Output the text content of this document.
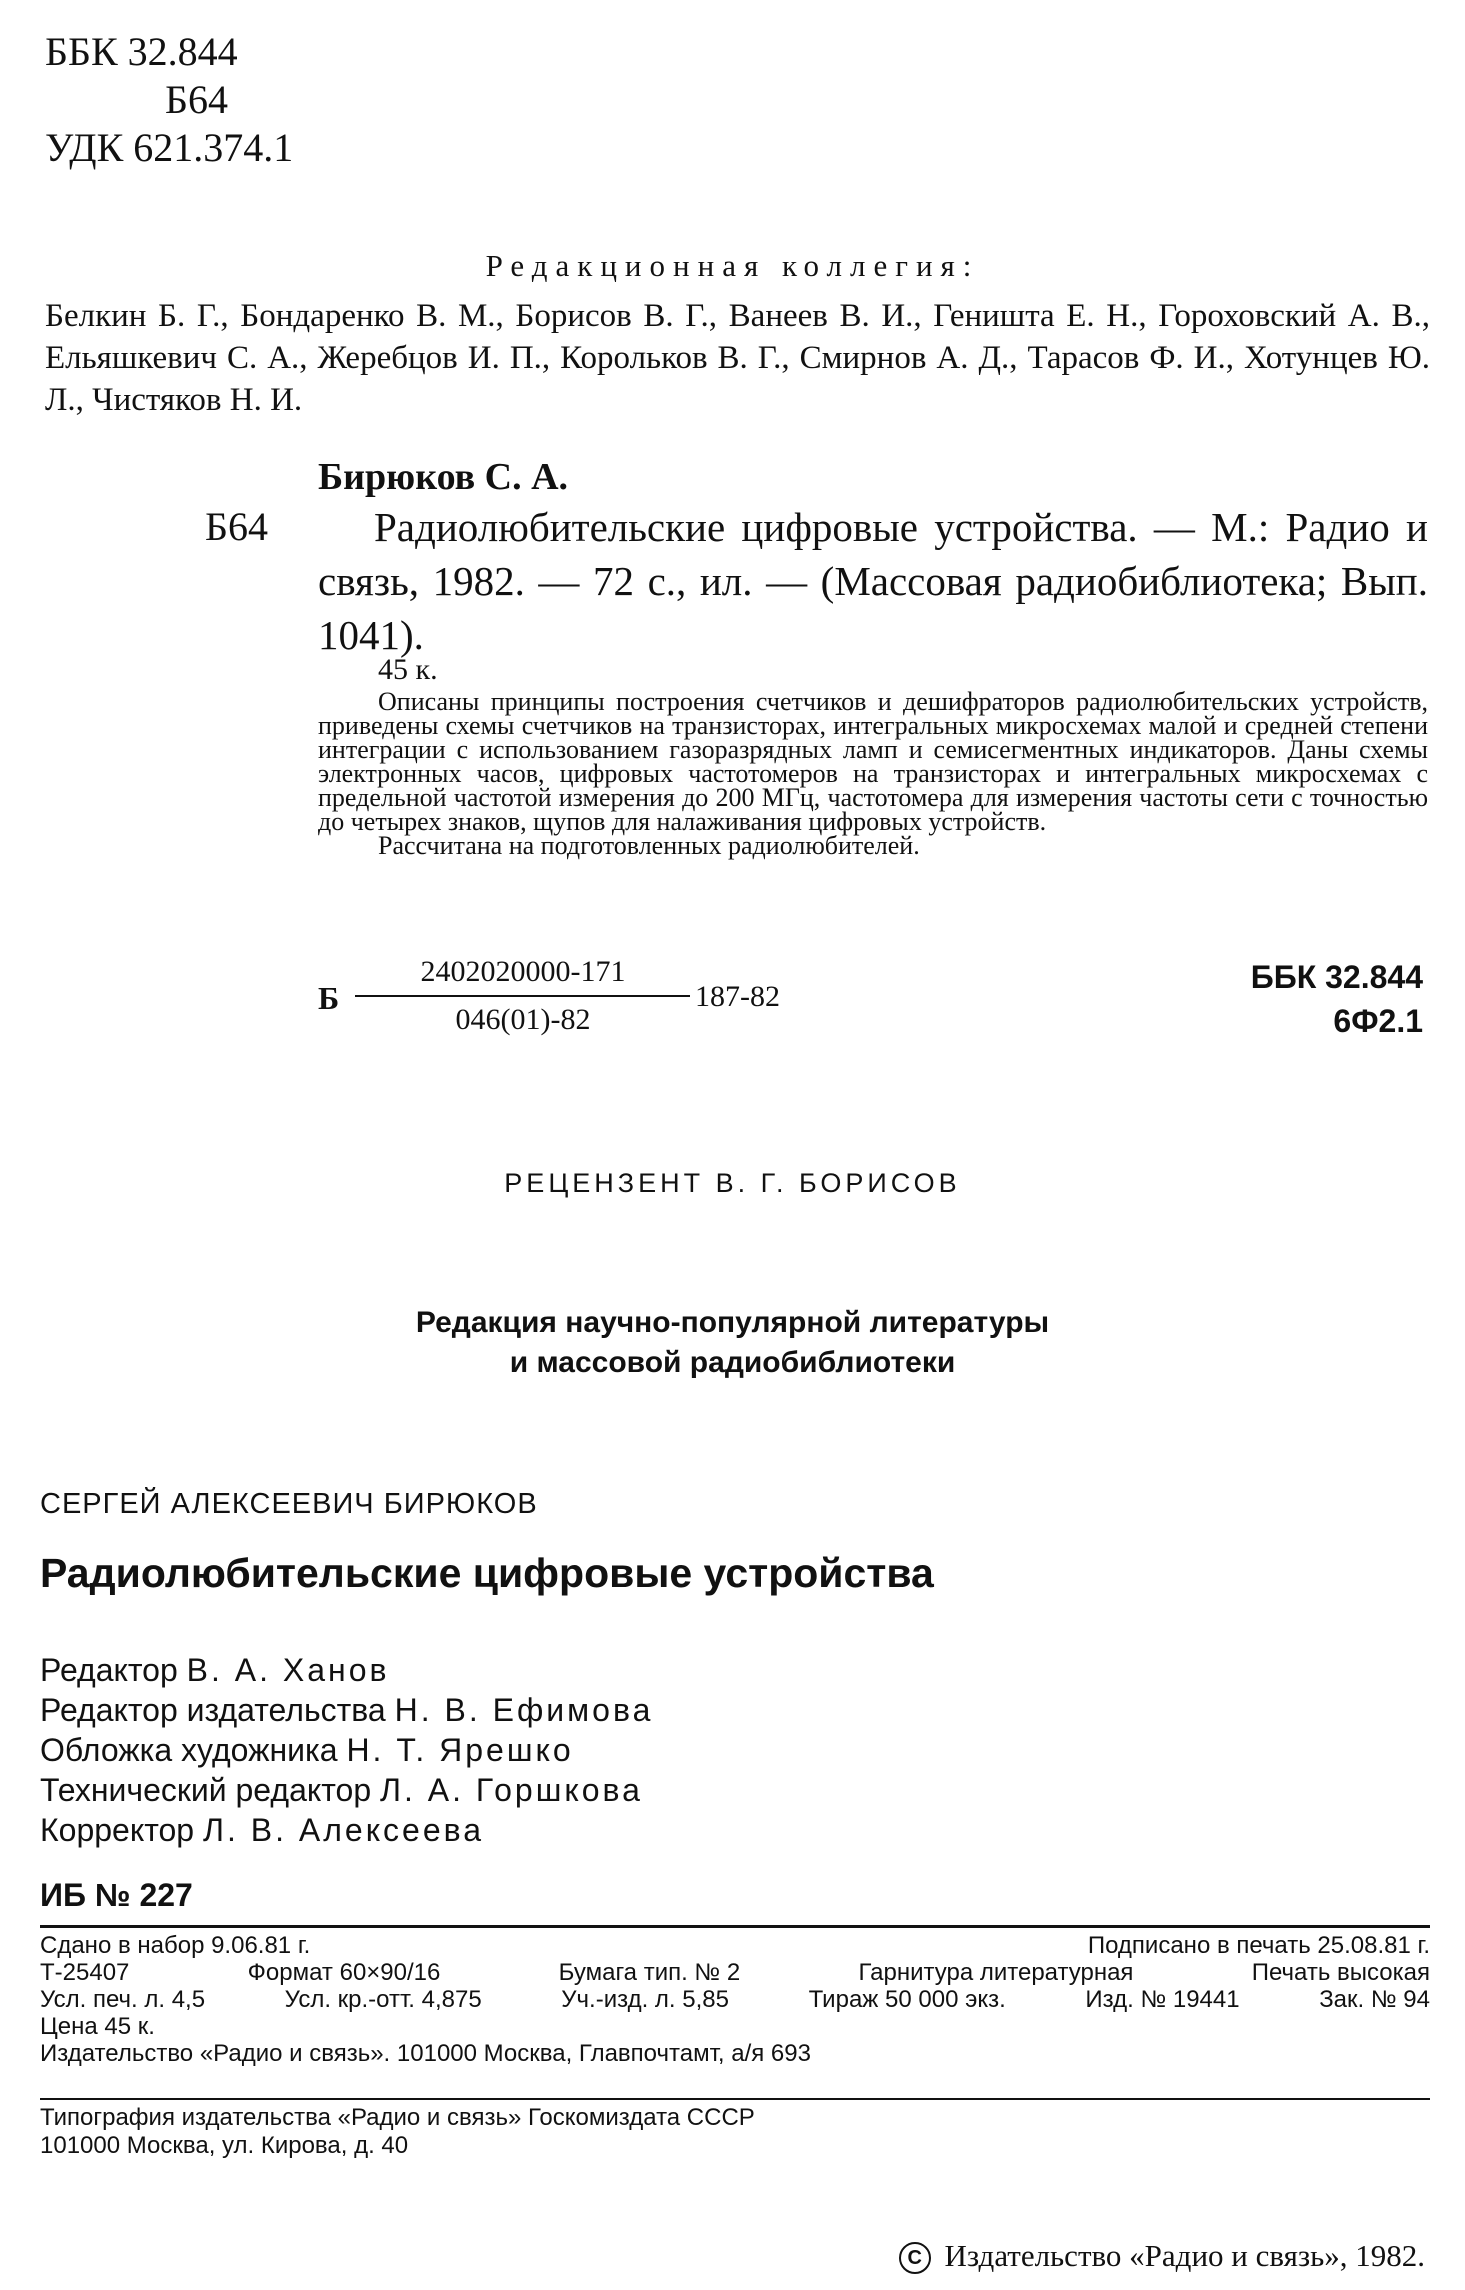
ББК 32.844
Б64
УДК 621.374.1
Редакционная коллегия:
Белкин Б. Г., Бондаренко В. М., Борисов В. Г., Ванеев В. И., Геништа Е. Н., Гороховский А. В., Ельяшкевич С. А., Жеребцов И. П., Корольков В. Г., Смирнов А. Д., Тарасов Ф. И., Хотунцев Ю. Л., Чистяков Н. И.
Бирюков С. А.
Б64	Радиолюбительские цифровые устройства. — М.: Радио и связь, 1982. — 72 с., ил. — (Массовая радиобиблиотека; Вып. 1041).
45 к.
Описаны принципы построения счетчиков и дешифраторов радиолюбительских устройств, приведены схемы счетчиков на транзисторах, интегральных микросхемах малой и средней степени интеграции с использованием газоразрядных ламп и семисегментных индикаторов. Даны схемы электронных часов, цифровых частотомеров на транзисторах и интегральных микросхемах с предельной частотой измерения до 200 МГц, частотомера для измерения частоты сети с точностью до четырех знаков, щупов для налаживания цифровых устройств.
Рассчитана на подготовленных радиолюбителей.
Б
2402020000-171
046(01)-82
187-82
ББК 32.844
6Ф2.1
РЕЦЕНЗЕНТ В. Г. БОРИСОВ
Редакция научно-популярной литературы
и массовой радиобиблиотеки
СЕРГЕЙ АЛЕКСЕЕВИЧ БИРЮКОВ
Радиолюбительские цифровые устройства
Редактор В. А. Ханов
Редактор издательства Н. В. Ефимова
Обложка художника Н. Т. Ярешко
Технический редактор Л. А. Горшкова
Корректор Л. В. Алексеева
ИБ № 227
Сдано в набор 9.06.81 г.	Подписано в печать 25.08.81 г.
Т-25407	Формат 60×90/16	Бумага тип. № 2	Гарнитура литературная	Печать высокая
Усл. печ. л. 4,5	Усл. кр.-отт. 4,875	Уч.-изд. л. 5,85	Тираж 50 000 экз.	Изд. № 19441	Зак. № 94
Цена 45 к.
Издательство «Радио и связь». 101000 Москва, Главпочтамт, а/я 693
Типография издательства «Радио и связь» Госкомиздата СССР
101000 Москва, ул. Кирова, д. 40
C Издательство «Радио и связь», 1982.
